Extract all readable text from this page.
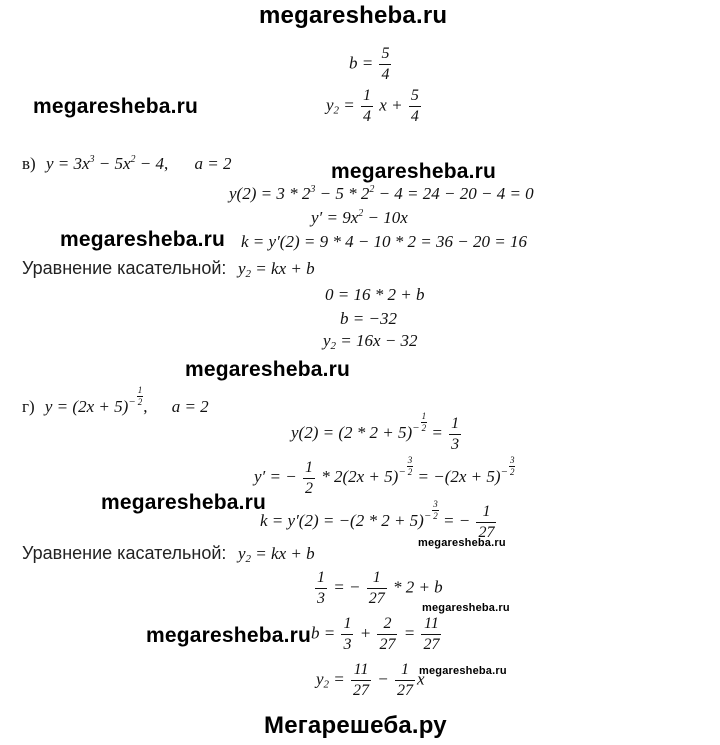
megaresheba.ru
megaresheba.ru
megaresheba.ru
megaresheba.ru
megaresheba.ru
megaresheba.ru
megaresheba.ru
megaresheba.ru
megaresheba.ru
megaresheba.ru
Мегарешеба.ру
$b = \frac{5}{4}$
$y_2 = \frac{1}{4}$ $x + \frac{5}{4}$
в) $y = 3x^3 - 5x^2 - 4$, a = 2
$y(2) = 3 * 2^3 - 5 * 2^2 - 4 = 24 - 20 - 4 = 0$
$y' = 9x^2 - 10x$
k = y′(2) = 9 * 4 − 10 * 2 = 36 − 20 = 16
Уравнение касательной: $y_2$ = kx + b
0 = 16 * 2 + b
b = −32
$y_2 = 16x - 32$
г) $y = (2x + 5)^- \frac{1}{2}$ , a = 2
$y(2) = (2 * 2 + 5)^- \frac{1}{2} = \frac{1}{3}$
y′ = − $\frac{1}{2} * 2(2x + 5)^- \frac{3}{2} = -(2x + 5)^- \frac{3}{2}$
$k = y'(2) = -(2 * 2 + 5)^- \frac{3}{2}$ = − $\frac{1}{27}$
Уравнение касательной: $y_2$ = kx + b
$\frac{1}{3}$ = − $\frac{1}{27} * 2 + b$
$b = \frac{1}{3} + \frac{2}{27} = \frac{11}{27}$
$y_2 = \frac{11}{27} - \frac{1}{27}$ x
